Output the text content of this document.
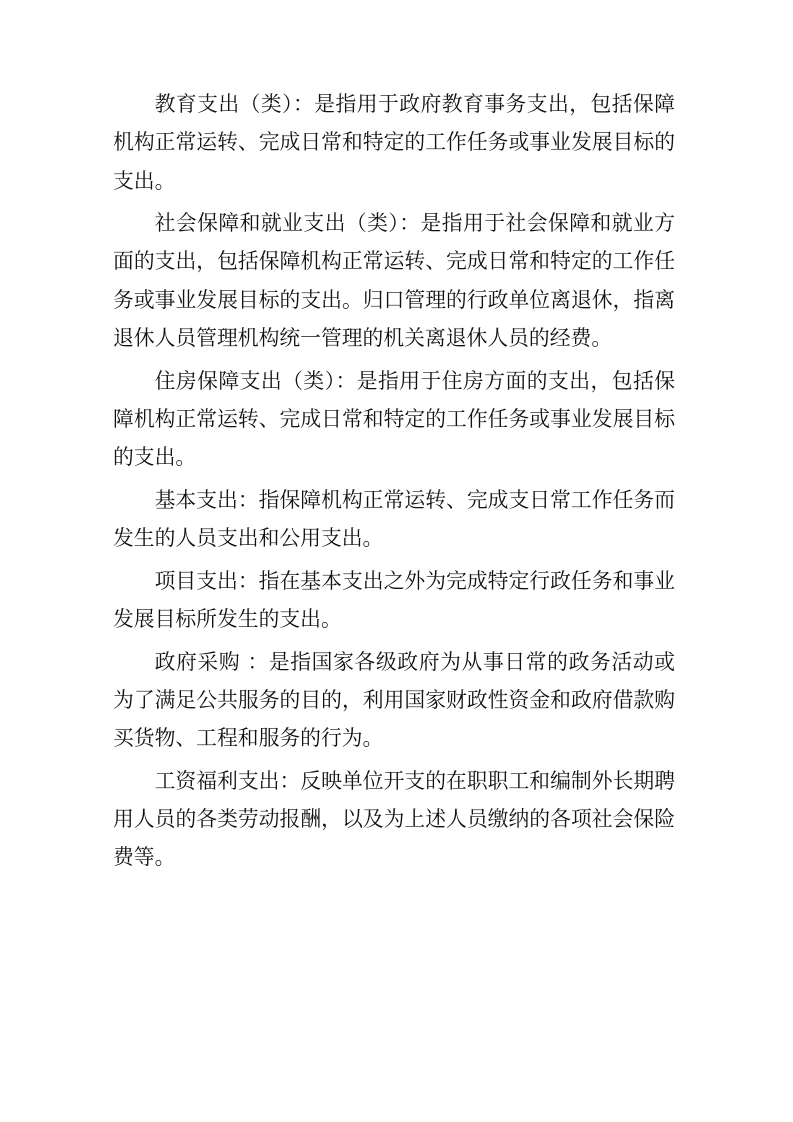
教育支出（类）：是指用于政府教育事务支出，包括保障机构正常运转、完成日常和特定的工作任务或事业发展目标的支出。

社会保障和就业支出（类）：是指用于社会保障和就业方面的支出，包括保障机构正常运转、完成日常和特定的工作任务或事业发展目标的支出。归口管理的行政单位离退休，指离退休人员管理机构统一管理的机关离退休人员的经费。

住房保障支出（类）：是指用于住房方面的支出，包括保障机构正常运转、完成日常和特定的工作任务或事业发展目标的支出。

基本支出：指保障机构正常运转、完成支日常工作任务而发生的人员支出和公用支出。

项目支出：指在基本支出之外为完成特定行政任务和事业发展目标所发生的支出。

政府采购 ：是指国家各级政府为从事日常的政务活动或为了满足公共服务的目的，利用国家财政性资金和政府借款购买货物、工程和服务的行为。

工资福利支出：反映单位开支的在职职工和编制外长期聘用人员的各类劳动报酬，以及为上述人员缴纳的各项社会保险费等。
